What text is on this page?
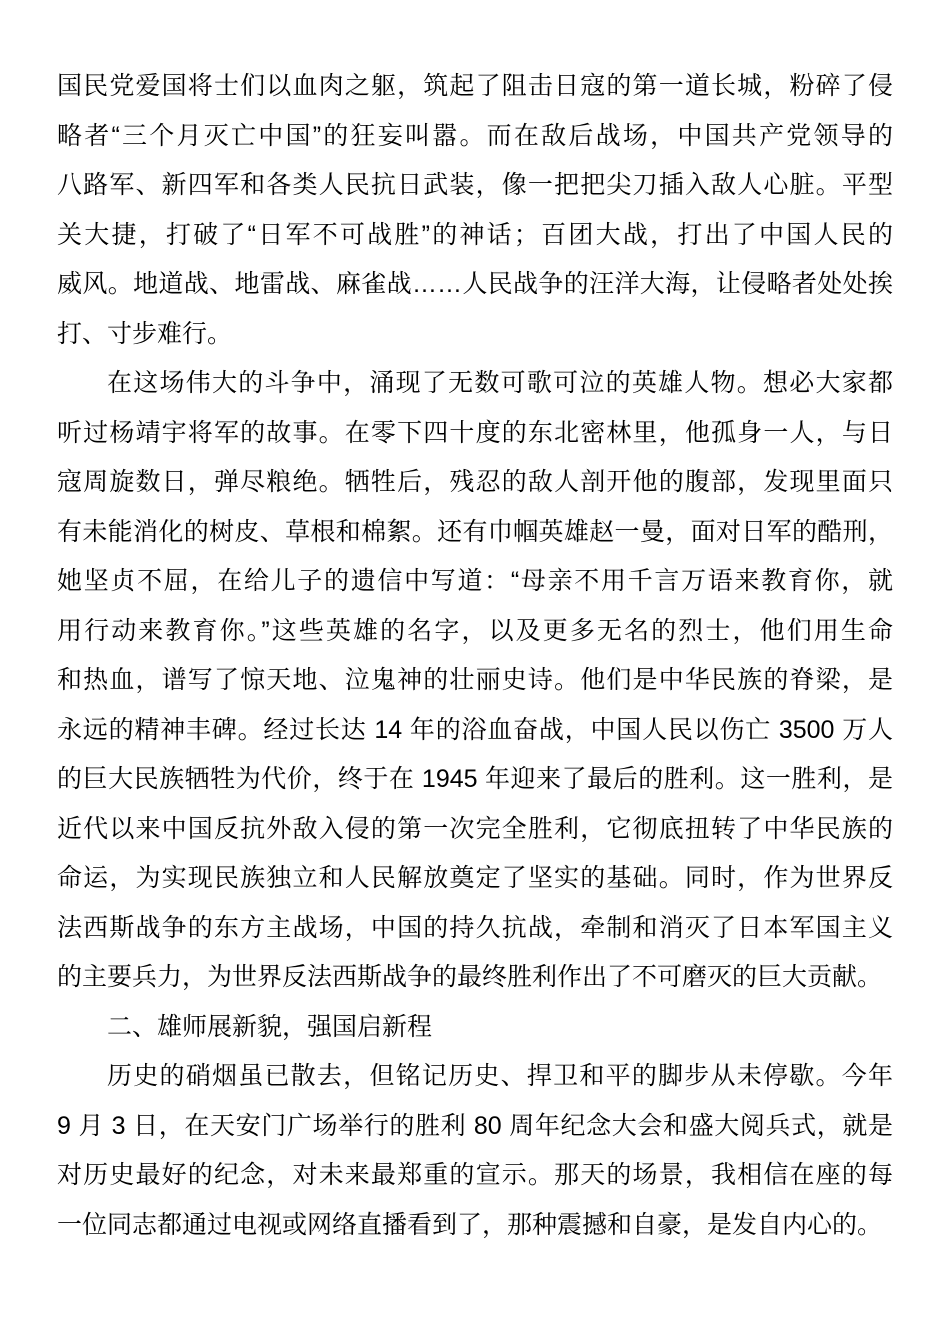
国民党爱国将士们以血肉之躯，筑起了阻击日寇的第一道长城，粉碎了侵
略者“三个月灭亡中国”的狂妄叫嚣。而在敌后战场，中国共产党领导的
八路军、新四军和各类人民抗日武装，像一把把尖刀插入敌人心脏。平型
关大捷，打破了“日军不可战胜”的神话；百团大战，打出了中国人民的
威风。地道战、地雷战、麻雀战……人民战争的汪洋大海，让侵略者处处挨
打、寸步难行。

在这场伟大的斗争中，涌现了无数可歌可泣的英雄人物。想必大家都
听过杨靖宇将军的故事。在零下四十度的东北密林里，他孤身一人，与日
寇周旋数日，弹尽粮绝。牺牲后，残忍的敌人剖开他的腹部，发现里面只
有未能消化的树皮、草根和棉絮。还有巾帼英雄赵一曼，面对日军的酷刑，
她坚贞不屈，在给儿子的遗信中写道：“母亲不用千言万语来教育你，就
用行动来教育你。”这些英雄的名字，以及更多无名的烈士，他们用生命
和热血，谱写了惊天地、泣鬼神的壮丽史诗。他们是中华民族的脊梁，是
永远的精神丰碑。经过长达 14 年的浴血奋战，中国人民以伤亡 3500 万人
的巨大民族牺牲为代价，终于在 1945 年迎来了最后的胜利。这一胜利，是
近代以来中国反抗外敌入侵的第一次完全胜利，它彻底扭转了中华民族的
命运，为实现民族独立和人民解放奠定了坚实的基础。同时，作为世界反
法西斯战争的东方主战场，中国的持久抗战，牵制和消灭了日本军国主义
的主要兵力，为世界反法西斯战争的最终胜利作出了不可磨灭的巨大贡献。

二、雄师展新貌，强国启新程

历史的硝烟虽已散去，但铭记历史、捍卫和平的脚步从未停歇。今年
9 月 3 日，在天安门广场举行的胜利 80 周年纪念大会和盛大阅兵式，就是
对历史最好的纪念，对未来最郑重的宣示。那天的场景，我相信在座的每
一位同志都通过电视或网络直播看到了，那种震撼和自豪，是发自内心的。
